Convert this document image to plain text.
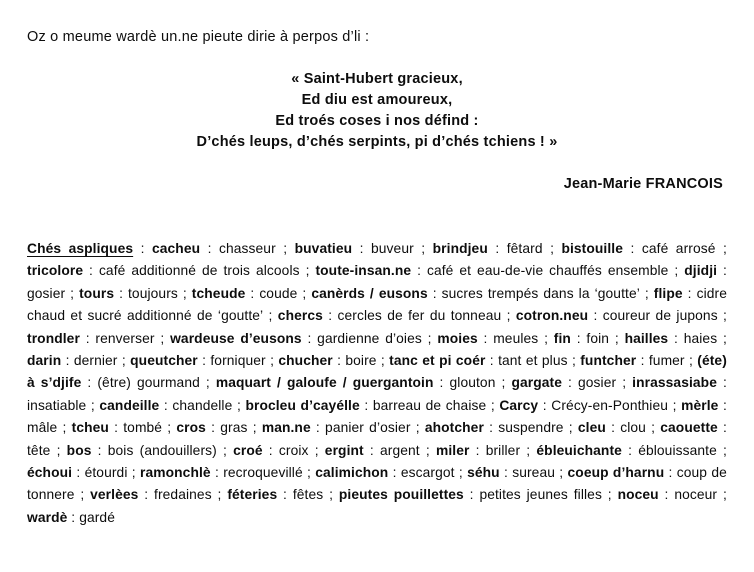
Oz o meume wardè un.ne pieute dirie à perpos d’li :
« Saint-Hubert gracieux,
Ed diu est amoureux,
Ed troés coses i nos défind :
D’chés leups, d’chés serpints, pi d’chés tchiens ! »
Jean-Marie FRANCOIS

Chés aspliques : cacheu : chasseur ; buvatieu : buveur ; brindjeu : fêtard ; bistouille : café arrosé ; tricolore : café additionné de trois alcools ; toute-insan.ne : café et eau-de-vie chauffés ensemble ; djidji : gosier ; tours : toujours ; tcheude : coude ; canèrds / eusons : sucres trempés dans la ‘goutte’ ; flipe : cidre chaud et sucré additionné de ‘goutte’ ; chercs : cercles de fer du tonneau ; cotron.neu : coureur de jupons ; trondler : renverser ; wardeuse d’eusons : gardienne d’oies ; moies : meules ; fin : foin ; hailles : haies ; darin : dernier ; queutcher : forniquer ; chucher : boire ; tanc et pi coér : tant et plus ; funtcher : fumer ; (éte) à s’djife : (être) gourmand ; maquart / galoufe / guergantoin : glouton ; gargate : gosier ; inrassasiabe : insatiable ; candeille : chandelle ; brocleu d’cayélle : barreau de chaise ; Carcy : Crécy-en-Ponthieu ; mèrle : mâle ; tcheu : tombé ; cros : gras ; man.ne : panier d’osier ; ahotcher : suspendre ; cleu : clou ; caouette : tête ; bos : bois (andouillers) ; croé : croix ; ergint : argent ; miler : briller ; ébleuichante : éblouissante ; échoui : étourdi ; ramonchlè : recroquevillé ; calimichon : escargot ; séhu : sureau ; coeup d’harnu : coup de tonnere ; verlèes : fredaines ; féteries : fêtes ; pieutes pouillettes : petites jeunes filles ; noceu : noceur ; wardè : gardé
